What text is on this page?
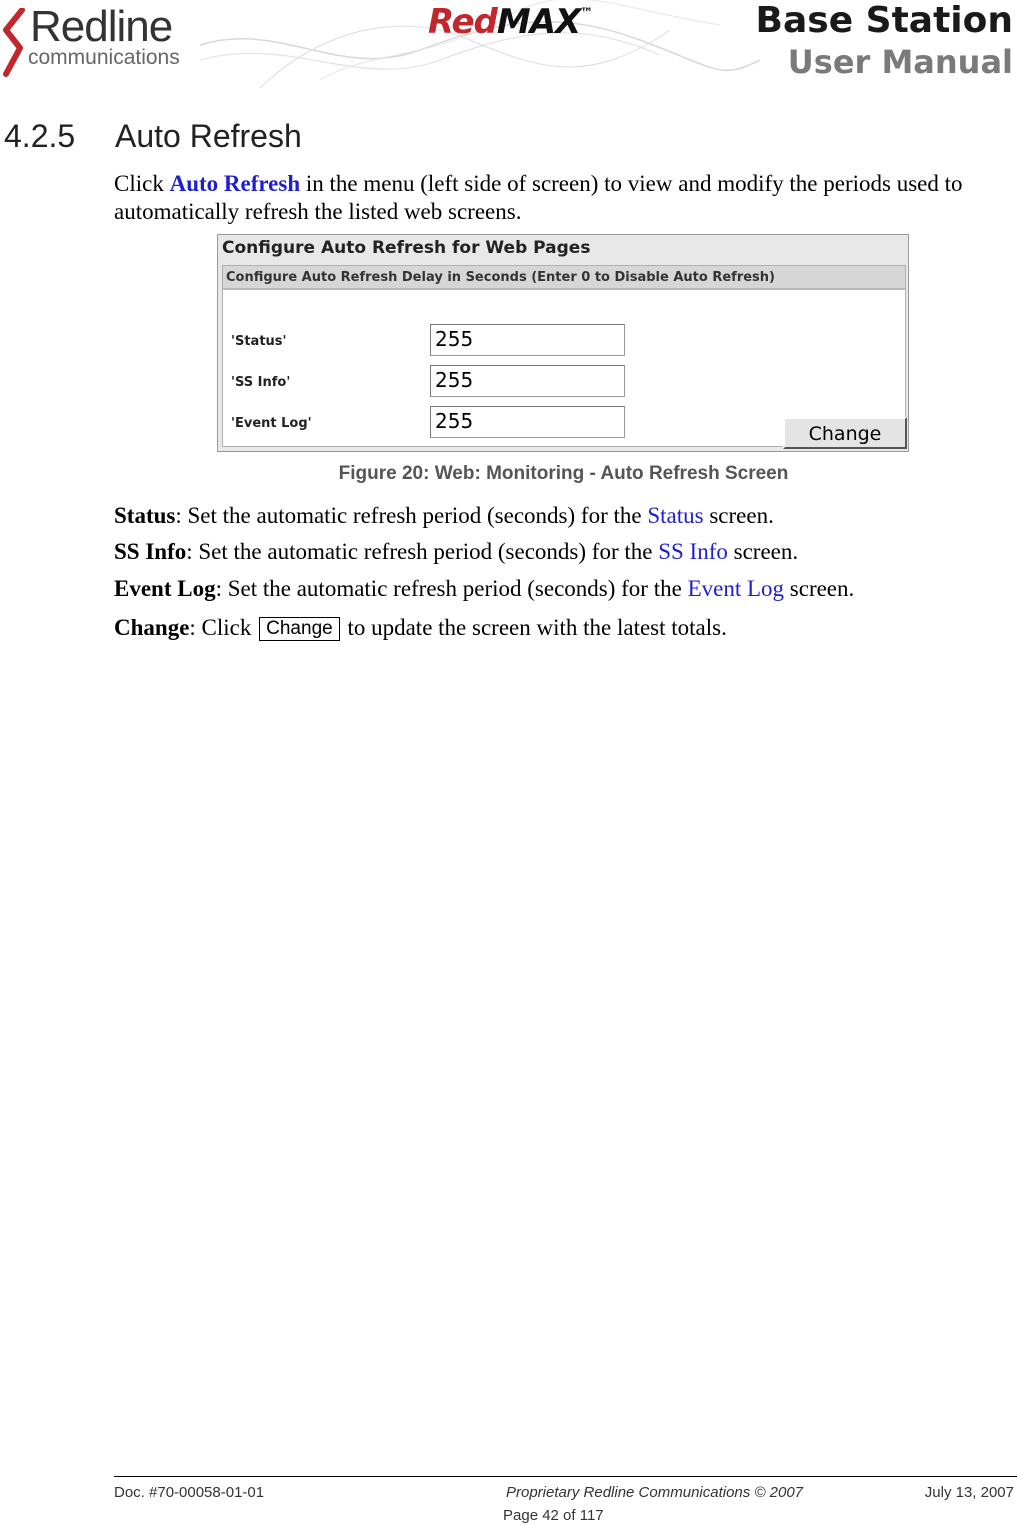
Redline
communications
RedMAX™	Base Station
User Manual
4.2.5 Auto Refresh

Click Auto Refresh in the menu (left side of screen) to view and modify the periods used to automatically refresh the listed web screens.

Configure Auto Refresh for Web Pages
Configure Auto Refresh Delay in Seconds (Enter 0 to Disable Auto Refresh)
'Status'	255
'SS Info'	255
'Event Log'	255
Change
Figure 20: Web: Monitoring - Auto Refresh Screen

Status: Set the automatic refresh period (seconds) for the Status screen.

SS Info: Set the automatic refresh period (seconds) for the SS Info screen.

Event Log: Set the automatic refresh period (seconds) for the Event Log screen.

Change: Click Change to update the screen with the latest totals.

Doc. #70-00058-01-01	Proprietary Redline Communications © 2007	July 13, 2007
Page 42 of 117
